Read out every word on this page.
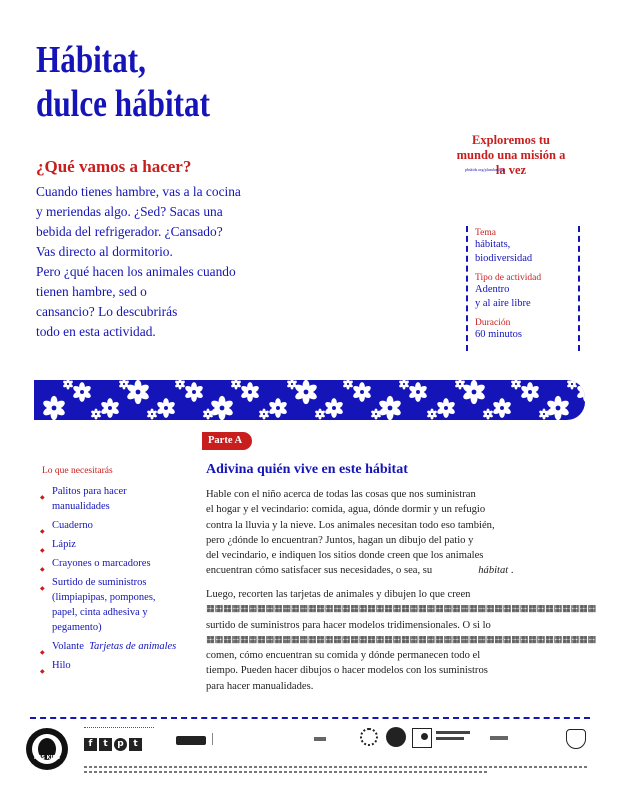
Hábitat,
dulce hábitat
Exploremos tu mundo una misión a la vez
pbskids.org/plumlanding
¿Qué vamos a hacer?
Cuando tienes hambre, vas a la cocina
y meriendas algo. ¿Sed? Sacas una
bebida del refrigerador. ¿Cansado?
Vas directo al dormitorio.
Pero ¿qué hacen los animales cuando
tienen hambre, sed o
cansancio? Lo descubrirás
todo en esta actividad.
Tema
hábitats,
biodiversidad
Tipo de actividad
Adentro
y al aire libre
Duración
60 minutos
Actividad
Parte A
Lo que necesitarás
◆
Palitos para hacer manualidades
◆
Cuaderno
◆
Lápiz
◆
Crayones o marcadores
◆
Surtido de suministros (limpiapipas, pompones, papel, cinta adhesiva y pegamento)
◆
Volante Tarjetas de animales
◆
Hilo
Adivina quién vive en este hábitat
Hable con el niño acerca de todas las cosas que nos suministran
el hogar y el vecindario: comida, agua, dónde dormir y un refugio
contra la lluvia y la nieve. Los animales necesitan todo eso también,
pero ¿dónde lo encuentran? Juntos, hagan un dibujo del patio y
del vecindario, e indiquen los sitios donde creen que los animales
encuentran cómo satisfacer sus necesidades, o sea, su	hábitat .
Luego, recorten las tarjetas de animales y dibujen lo que creen
▦▦▦▦▦▦▦▦▦▦▦▦▦▦▦▦▦▦▦▦▦▦▦▦▦▦▦▦▦▦▦▦▦▦▦▦▦▦▦▦▦▦▦▦▦▦
surtido de suministros para hacer modelos tridimensionales. O si lo
▦▦▦▦▦▦▦▦▦▦▦▦▦▦▦▦▦▦▦▦▦▦▦▦▦▦▦▦▦▦▦▦▦▦▦▦▦▦▦▦▦▦▦▦▦▦
comen, cómo encuentran su comida y dónde permanecen todo el
tiempo. Pueden hacer dibujos o hacer modelos con los suministros
para hacer manualidades.
PBS KIDS
f t p t
